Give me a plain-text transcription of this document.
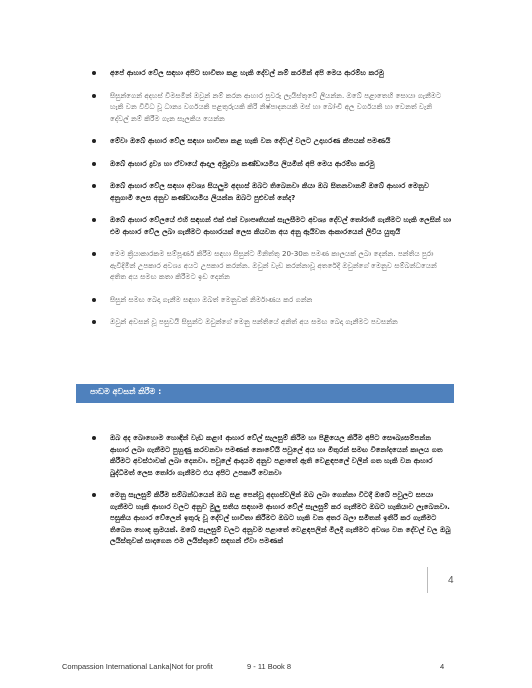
අපේ ආහාර වේල සඳහා අපිට භාවිතා කළ හැකි දේවල් නම් කරමින් අපි මෙය ආරම්භ කරමු
සිසුන්ගෙන් අදහස් විමසමින් ඔවුන් නම් කරන ආහාර පුවරු ලැයිස්තුවේ ලියන්න. ඔබේ පළාතෙහි සොයා ගැනීමට හැකි වන විවිධ වූ ධාන්‍ය වර්ගයකි පළතුරුයකි කිරි නිෂ්පාදනයකි මස් හා බෝංචි අල වර්ගයකි හා වෙනත් වැනි දේවල් නම් කිරීම ගැන සැලකිය යෙන්න
මේවා ඔබේ ආහාර වේල සඳහා භාවිතා කළ හැකි වන දේවල් වලට උදාහරණ කීපයක් පමණයි
ඔබේ ආහාර ද්‍රව්‍ය හා ඒවායේ ආදාල අමුද්‍රව්‍ය කණ්ඩායමිය ලියමින් අපි මෙය ආරම්භ කරමු
ඔබේ ආහාර වේල සඳහා අවශ්‍ය සියලුම අදහස් ඔබට තිබෙනවා කියා ඔබ සිතනවානම් ඔබේ ආහාර මෙනුව අනුගාමී ලෙස අනුව කණ්ඩායමිය ලියන්න ඔබට පුළුවන් නේද?
ඔබේ ආහාර වේලයේ එහි සඳහන් එක් එක් ව්‍යාපෘතියක් සැලසීමට අවශ්‍ය දේවල් තෝරාගී ගැනීමට හැකි ලෙසින් හා එම ආහාර වේල ලබා ගැනීමට ආහාරයක් ලෙස කියවන අය අනු ඇයිවන ආකාරයෙන් ලිවිය යුතුයි
මෙම ක්‍රියාකාරකම සම්පූර්ණ කිරීම සඳහා සිසුන්ට මිනිත්තු 20-30ක පමණ කාලයක් ලබා දෙන්න. පන්තිය පුරා ඇවිදිමින් උපකාර අවශ්‍ය අයට උපකාර කරන්න. ඔවුන් වැඩ කරන්නාවූ අතරේදී ඔවුන්ගේ මෙනුව සම්බන්ධයෙන් අතිත අය සමඟ කතා කිරීමට ඉඩ දෙන්න
සිසුන් සමඟ බෙදා ගැනීම සඳහා ඔබත් මෙනුවක් නිර්මාණය කර ගන්න
ඔවුන් අවසන් වූ පසුවයි සිසුන්ට ඔවුන්ගේ මෙනු පන්තියේ අනිත් අය සමඟ බෙදා ගැනීමට පවසන්න
පාඩම අවසන් කිරීම :
ඔබ අද බොහොම හොඳින් වැඩ කළා! ආහාර වේල් සැලසුම් කිරීම හා පිළියෙල කිරීම අපිට සෞඛ්‍යසම්පන්න ආහාර ලබා ගැනීමට පුහුණු කරවනවා පමණක් නොවේයි පවුලේ අය හා මිතුරන් සමඟ විනෝදයෙන් කාලය ගත කිරීමට අවස්ථාවක් ලබා දෙනවා. පවුලේ ආදායම අනුව පළාතේ ඇති වෙළඳපලේ වලින් ගත හැකි වන ආහාර බුද්ධිමත් ලෙස තෝරා ගැනීමට එය අපිට උපකාරී වෙනවා
මෙනු සැලසුම් කිරීම සම්බන්ධයෙන් ඔබ සළ පෙන්වූ අදහස්වලින් ඔබ ලබා ගෙන්නා විටදී ඔබේ පවුලට සපයා ගැනීමට හැකි ආහාර වලට අනුව මුලු සතිය සඳහාම ආහාර වේල් සැලසුම් කර ගැනීමට ඔබට හැකියාව ලැබෙනවා. පසුකිය ආහාර වේලෙන් ඉතුරු වූ දේවල් භාවිතා කිරීමට ඔබට හැකි වන අතර බලා සමිතන් ඉතිරි කර ගැනීමට තිබෙන හොඳ ක්‍රමයක්. ඔබේ සැලසුම් වලට අනුවම පළාතේ වෙළඳපලින් මිලදී ගැනීමට අවශ්‍ය වන දේවල් වල ඔබු ලයිස්තුවක් සාදාගෙන එම ලයිස්තුවේ සඳහන් ඒවා පමණක්
4
Compassion International Lanka|Not for profit	9 - 11 Book 8	4
